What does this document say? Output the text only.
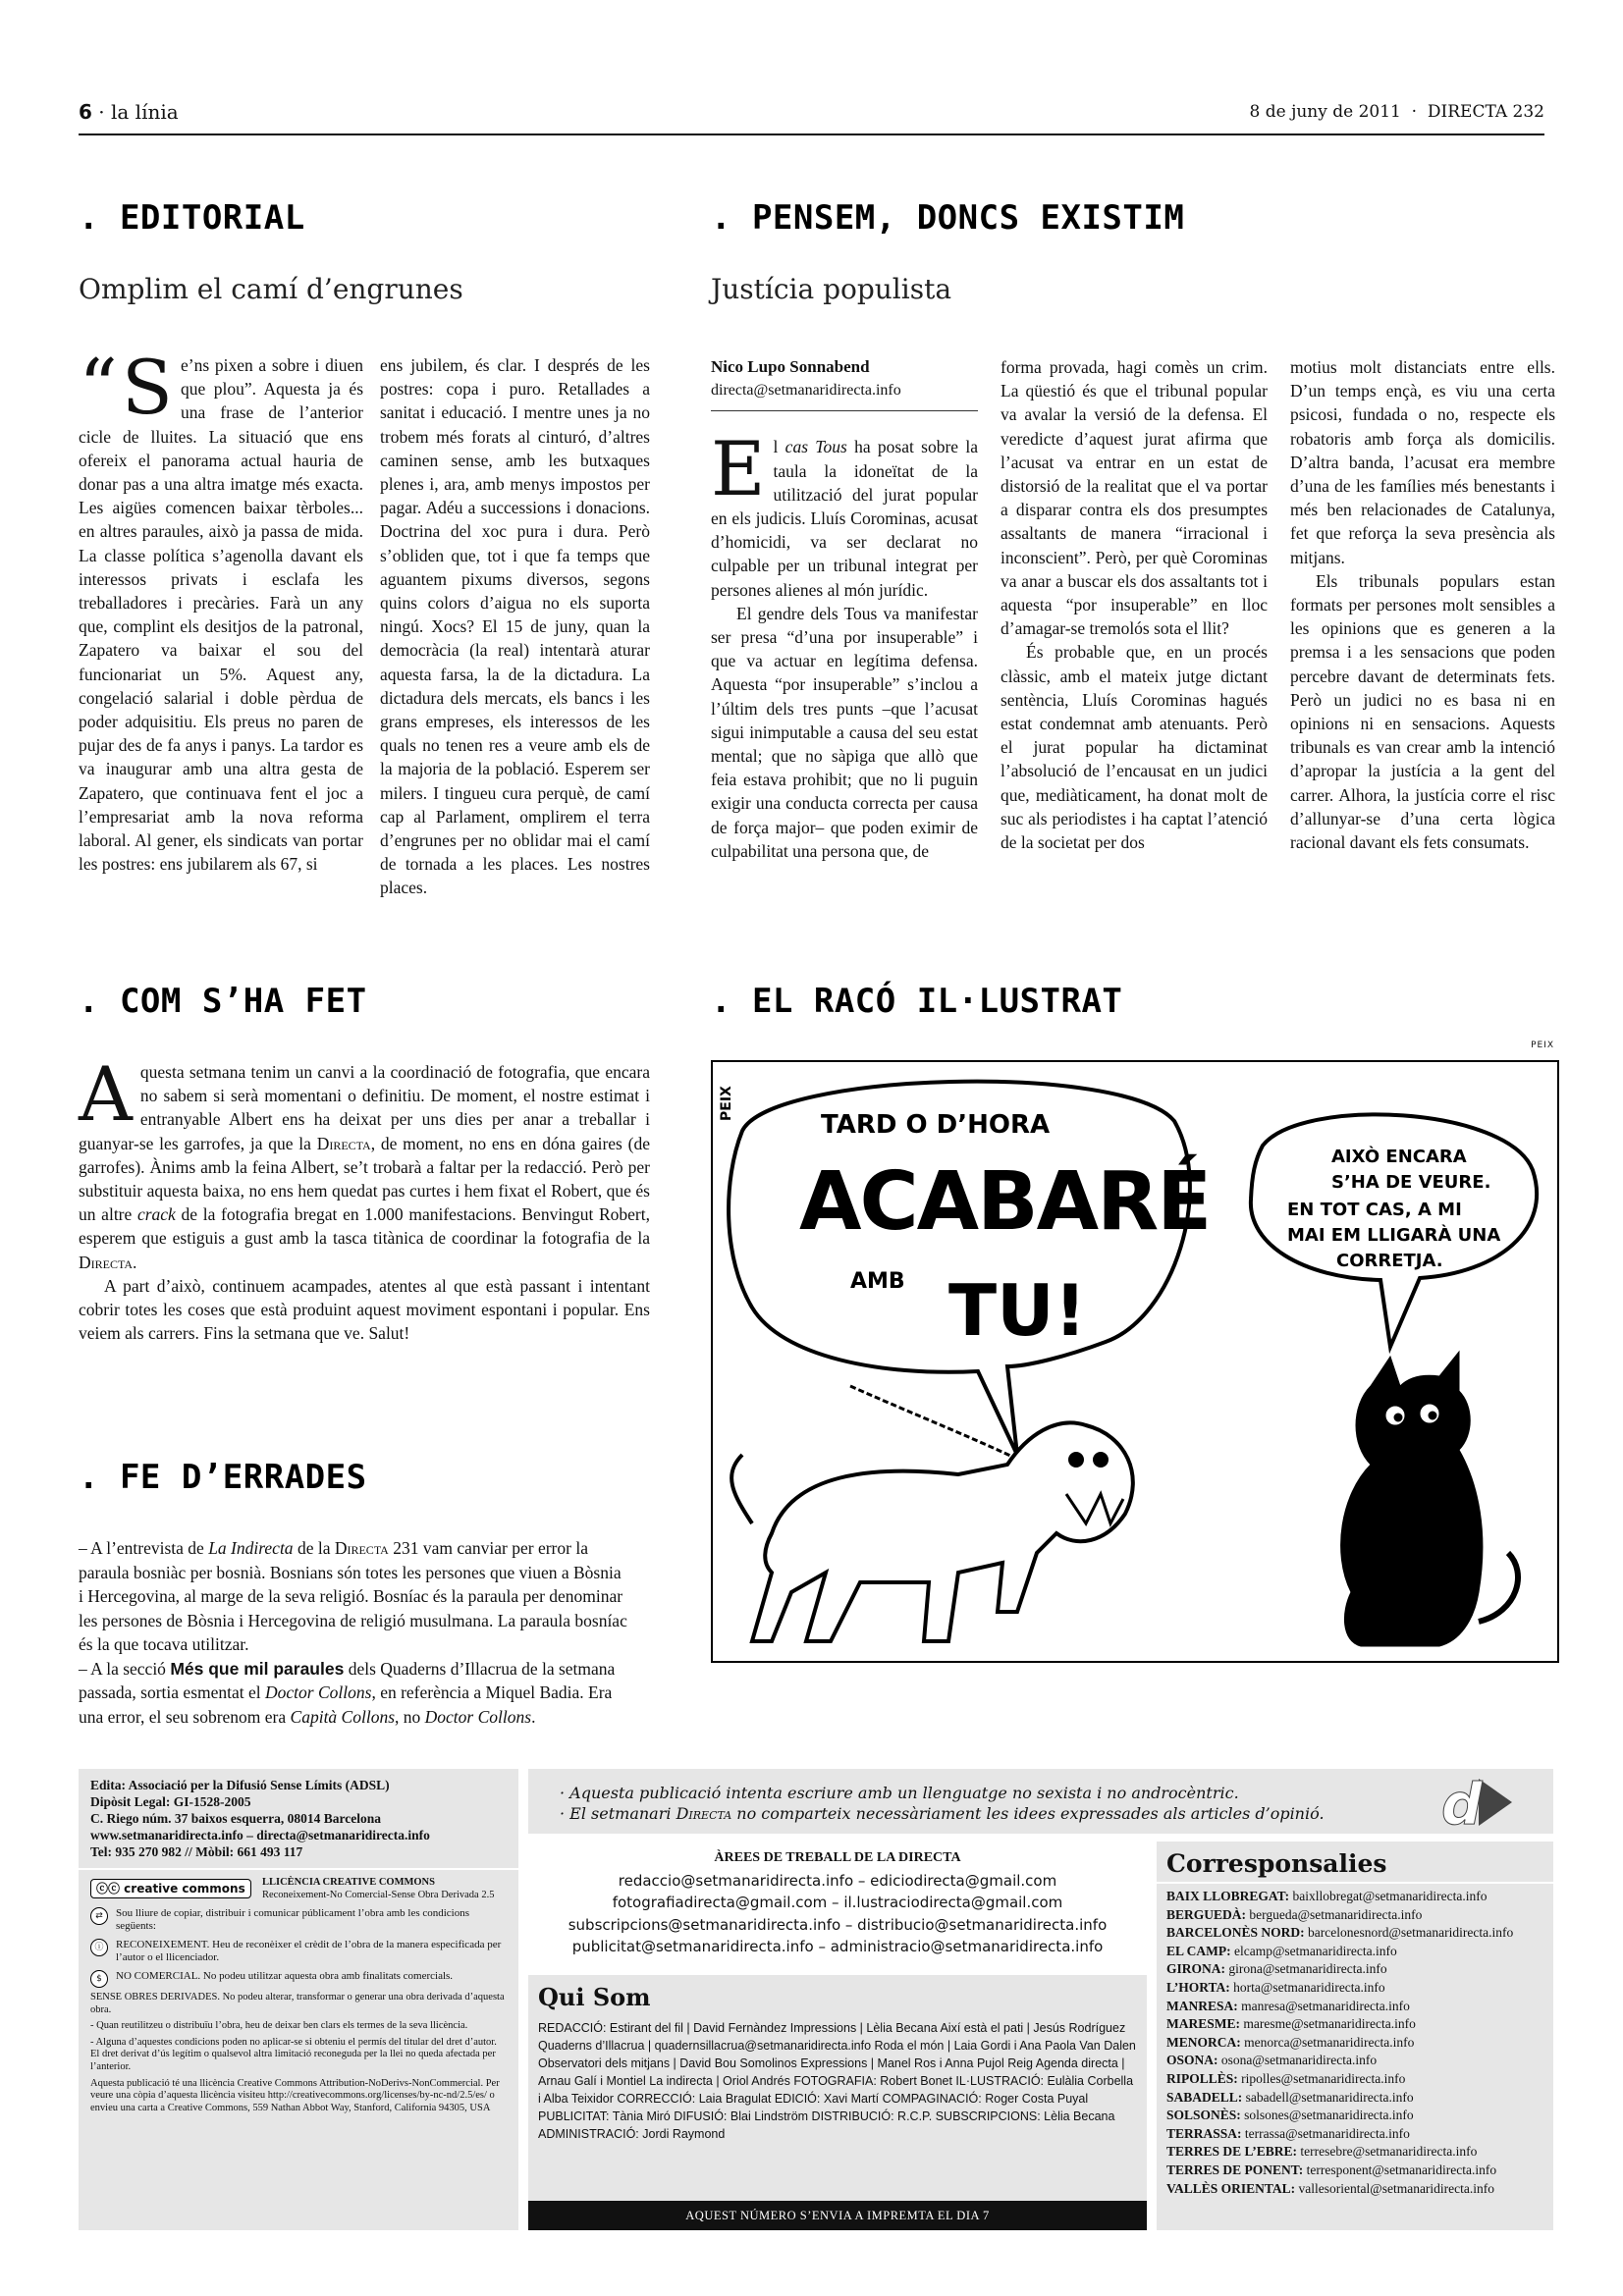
6 · la línia	8 de juny de 2011 · DIRECTA 232
. EDITORIAL
Omplim el camí d’engrunes

“ S e’ns pixen a sobre i diuen que plou”. Aquesta ja és una frase de l’anterior cicle de lluites. La situació que ens ofereix el panorama actual hauria de donar pas a una altra imatge més exacta. Les aigües comencen baixar tèrboles... en altres paraules, això ja passa de mida. La classe política s’agenolla davant els interessos privats i esclafa les treballadores i precàries. Farà un any que, complint els desitjos de la patronal, Zapatero va baixar el sou del funcionariat un 5%. Aquest any, congelació salarial i doble pèrdua de poder adquisitiu. Els preus no paren de pujar des de fa anys i panys. La tardor es va inaugurar amb una altra gesta de Zapatero, que continuava fent el joc a l’empresariat amb la nova reforma laboral. Al gener, els sindicats van portar les postres: ens jubilarem als 67, si

ens jubilem, és clar. I després de les postres: copa i puro. Retallades a sanitat i educació. I mentre unes ja no trobem més forats al cinturó, d’altres caminen sense, amb les butxaques plenes i, ara, amb menys impostos per pagar. Adéu a successions i donacions. Doctrina del xoc pura i dura. Però s’obliden que, tot i que fa temps que aguantem pixums diversos, segons quins colors d’aigua no els suporta ningú. Xocs? El 15 de juny, quan la democràcia (la real) intentarà aturar aquesta farsa, la de la dictadura. La dictadura dels mercats, els bancs i les grans empreses, els interessos de les quals no tenen res a veure amb els de la majoria de la població. Esperem ser milers. I tingueu cura perquè, de camí cap al Parlament, omplirem el terra d’engrunes per no oblidar mai el camí de tornada a les places. Les nostres places.

. PENSEM, DONCS EXISTIM
Justícia populista
Nico Lupo Sonnabend
directa@setmanaridirecta.info

El cas Tous ha posat sobre la taula la idoneïtat de la utilització del jurat popular en els judicis. Lluís Corominas, acusat d’homicidi, va ser declarat no culpable per un tribunal integrat per persones alienes al món jurídic.

El gendre dels Tous va manifestar ser presa “d’una por insuperable” i que va actuar en legítima defensa. Aquesta “por insuperable” s’inclou a l’últim dels tres punts –que l’acusat sigui inimputable a causa del seu estat mental; que no sàpiga que allò que feia estava prohibit; que no li puguin exigir una conducta correcta per causa de força major– que poden eximir de culpabilitat una persona que, de

forma provada, hagi comès un crim. La qüestió és que el tribunal popular va avalar la versió de la defensa. El veredicte d’aquest jurat afirma que l’acusat va entrar en un estat de distorsió de la realitat que el va portar a disparar contra els dos presumptes assaltants de manera “irracional i inconscient”. Però, per què Corominas va anar a buscar els dos assaltants tot i aquesta “por insuperable” en lloc d’amagar-se tremolós sota el llit?

És probable que, en un procés clàssic, amb el mateix jutge dictant sentència, Lluís Corominas hagués estat condemnat amb atenuants. Però el jurat popular ha dictaminat l’absolució de l’encausat en un judici que, mediàticament, ha donat molt de suc als periodistes i ha captat l’atenció de la societat per dos

motius molt distanciats entre ells. D’un temps ençà, es viu una certa psicosi, fundada o no, respecte els robatoris amb força als domicilis. D’altra banda, l’acusat era membre d’una de les famílies més benestants i més ben relacionades de Catalunya, fet que reforça la seva presència als mitjans.

Els tribunals populars estan formats per persones molt sensibles a les opinions que es generen a la premsa i a les sensacions que poden percebre davant de determinats fets. Però un judici no es basa ni en opinions ni en sensacions. Aquests tribunals es van crear amb la intenció d’apropar la justícia a la gent del carrer. Alhora, la justícia corre el risc d’allunyar-se d’una certa lògica racional davant els fets consumats.

. COM S’HA FET

Aquesta setmana tenim un canvi a la coordinació de fotografia, que encara no sabem si serà momentani o definitiu. De moment, el nostre estimat i entranyable Albert ens ha deixat per uns dies per anar a treballar i guanyar-se les garrofes, ja que la Directa, de moment, no ens en dóna gaires (de garrofes). Ànims amb la feina Albert, se’t trobarà a faltar per la redacció. Però per substituir aquesta baixa, no ens hem quedat pas curtes i hem fixat el Robert, que és un altre crack de la fotografia bregat en 1.000 manifestacions. Benvingut Robert, esperem que estiguis a gust amb la tasca titànica de coordinar la fotografia de la Directa.

A part d’això, continuem acampades, atentes al que està passant i intentant cobrir totes les coses que està produint aquest moviment espontani i popular. Ens veiem als carrers. Fins la setmana que ve. Salut!

. EL RACÓ IL·LUSTRAT
PEIX
PEIX
TARD O D’HORA
ACABARÉ
AMB TU!
AIXÒ ENCARA
S’HA DE VEURE.
EN TOT CAS, A MI
MAI EM LLIGARÀ UNA
CORRETJA.
. FE D’ERRADES

– A l’entrevista de La Indirecta de la Directa 231 vam canviar per error la paraula bosniàc per bosnià. Bosnians són totes les persones que viuen a Bòsnia i Hercegovina, al marge de la seva religió. Bosníac és la paraula per denominar les persones de Bòsnia i Hercegovina de religió musulmana. La paraula bosníac és la que tocava utilitzar.

– A la secció Més que mil paraules dels Quaderns d’Illacrua de la setmana passada, sortia esmentat el Doctor Collons, en referència a Miquel Badia. Era una error, el seu sobrenom era Capità Collons, no Doctor Collons.

Edita: Associació per la Difusió Sense Límits (ADSL)
Dipòsit Legal: GI-1528-2005
C. Riego núm. 37 baixos esquerra, 08014 Barcelona
www.setmanaridirecta.info – directa@setmanaridirecta.info
Tel: 935 270 982 // Mòbil: 661 493 117
ⓒⓒ creative commons LLICÈNCIA CREATIVE COMMONS
Reconeixement-No Comercial-Sense Obra Derivada 2.5
⇄	Sou lliure de copiar, distribuir i comunicar públicament l’obra amb les condicions següents:
ⓘ	RECONEIXEMENT. Heu de reconèixer el crèdit de l’obra de la manera especificada per l’autor o el llicenciador.
$	NO COMERCIAL. No podeu utilitzar aquesta obra amb finalitats comercials.
SENSE OBRES DERIVADES. No podeu alterar, transformar o generar una obra derivada d’aquesta obra.
- Quan reutilitzeu o distribuïu l’obra, heu de deixar ben clars els termes de la seva llicència.
- Alguna d’aquestes condicions poden no aplicar-se si obteniu el permís del titular del dret d’autor. El dret derivat d’ús legítim o qualsevol altra limitació reconeguda per la llei no queda afectada per l’anterior.
Aquesta publicació té una llicència Creative Commons Attribution-NoDerivs-NonCommercial. Per veure una còpia d’aquesta llicència visiteu http://creativecommons.org/licenses/by-nc-nd/2.5/es/ o envieu una carta a Creative Commons, 559 Nathan Abbot Way, Stanford, California 94305, USA
· Aquesta publicació intenta escriure amb un llenguatge no sexista i no androcèntric.
· El setmanari Directa no comparteix necessàriament les idees expressades als articles d’opinió. d
ÀREES DE TREBALL DE LA DIRECTA
redaccio@setmanaridirecta.info – ediciodirecta@gmail.com
fotografiadirecta@gmail.com – il.lustraciodirecta@gmail.com
subscripcions@setmanaridirecta.info – distribucio@setmanaridirecta.info
publicitat@setmanaridirecta.info – administracio@setmanaridirecta.info
Qui Som
REDACCIÓ: Estirant del fil | David Fernàndez Impressions | Lèlia Becana Així està el pati | Jesús Rodríguez Quaderns d’Illacrua | quadernsillacrua@setmanaridirecta.info Roda el món | Laia Gordi i Ana Paola Van Dalen Observatori dels mitjans | David Bou Somolinos Expressions | Manel Ros i Anna Pujol Reig Agenda directa | Arnau Galí i Montiel La indirecta | Oriol Andrés FOTOGRAFIA: Robert Bonet IL·LUSTRACIÓ: Eulàlia Corbella i Alba Teixidor CORRECCIÓ: Laia Bragulat EDICIÓ: Xavi Martí COMPAGINACIÓ: Roger Costa Puyal PUBLICITAT: Tània Miró DIFUSIÓ: Blai Lindström DISTRIBUCIÓ: R.C.P. SUBSCRIPCIONS: Lèlia Becana ADMINISTRACIÓ: Jordi Raymond
AQUEST NÚMERO S’ENVIA A IMPREMTA EL DIA 7
Corresponsalies
BAIX LLOBREGAT: baixllobregat@setmanaridirecta.info
BERGUEDÀ: bergueda@setmanaridirecta.info
BARCELONÈS NORD: barcelonesnord@setmanaridirecta.info
EL CAMP: elcamp@setmanaridirecta.info
GIRONA: girona@setmanaridirecta.info
L’HORTA: horta@setmanaridirecta.info
MANRESA: manresa@setmanaridirecta.info
MARESME: maresme@setmanaridirecta.info
MENORCA: menorca@setmanaridirecta.info
OSONA: osona@setmanaridirecta.info
RIPOLLÈS: ripolles@setmanaridirecta.info
SABADELL: sabadell@setmanaridirecta.info
SOLSONÈS: solsones@setmanaridirecta.info
TERRASSA: terrassa@setmanaridirecta.info
TERRES DE L’EBRE: terresebre@setmanaridirecta.info
TERRES DE PONENT: terresponent@setmanaridirecta.info
VALLÈS ORIENTAL: vallesoriental@setmanaridirecta.info
